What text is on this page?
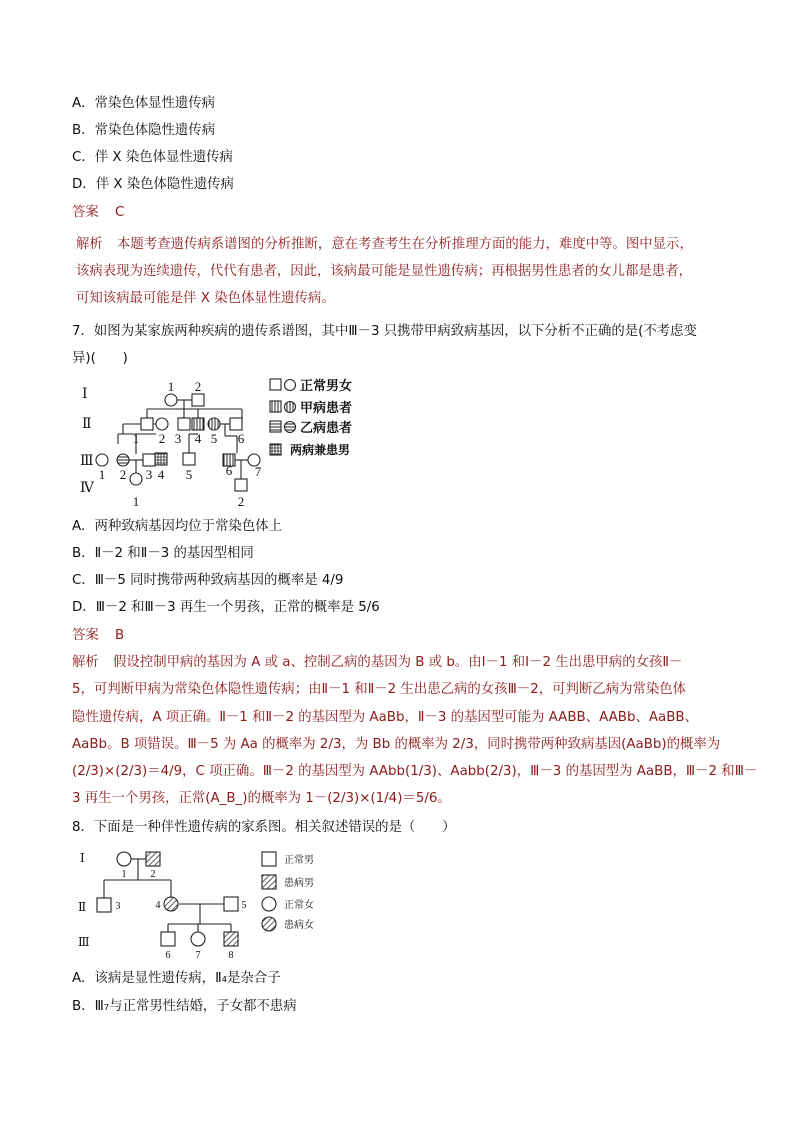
A．常染色体显性遗传病
B．常染色体隐性遗传病
C．伴 X 染色体显性遗传病
D．伴 X 染色体隐性遗传病
答案 C
解析 本题考查遗传病系谱图的分析推断，意在考查考生在分析推理方面的能力，难度中等。图中显示，
该病表现为连续遗传，代代有患者，因此，该病最可能是显性遗传病；再根据男性患者的女儿都是患者，
可知该病最可能是伴 X 染色体显性遗传病。
7．如图为某家族两种疾病的遗传系谱图，其中Ⅲ－3 只携带甲病致病基因，以下分析不正确的是(不考虑变
异)(　　)
Ⅰ
Ⅱ
Ⅲ
Ⅳ
1 2
1 2 3 4 5 6
1 2 3 4 5	6 7
1	2
正常男女
甲病患者
乙病患者
两病兼患男
A．两种致病基因均位于常染色体上
B．Ⅱ－2 和Ⅱ－3 的基因型相同
C．Ⅲ－5 同时携带两种致病基因的概率是 4/9
D．Ⅲ－2 和Ⅲ－3 再生一个男孩，正常的概率是 5/6
答案 B
解析 假设控制甲病的基因为 A 或 a、控制乙病的基因为 B 或 b。由Ⅰ－1 和Ⅰ－2 生出患甲病的女孩Ⅱ－
5，可判断甲病为常染色体隐性遗传病；由Ⅱ－1 和Ⅱ－2 生出患乙病的女孩Ⅲ－2，可判断乙病为常染色体
隐性遗传病，A 项正确。Ⅱ－1 和Ⅱ－2 的基因型为 AaBb，Ⅱ－3 的基因型可能为 AABB、AABb、AaBB、
AaBb。B 项错误。Ⅲ－5 为 Aa 的概率为 2/3，为 Bb 的概率为 2/3，同时携带两种致病基因(AaBb)的概率为
(2/3)×(2/3)＝4/9，C 项正确。Ⅲ－2 的基因型为 AAbb(1/3)、Aabb(2/3)，Ⅲ－3 的基因型为 AaBB，Ⅲ－2 和Ⅲ－
3 再生一个男孩，正常(A_B_)的概率为 1－(2/3)×(1/4)＝5/6。
8．下面是一种伴性遗传病的家系图。相关叙述错误的是（　　）
Ⅰ
Ⅱ
Ⅲ
1 2
3	4	5
6	7	8
正常男
患病男
正常女
患病女
A．该病是显性遗传病，Ⅱ₄是杂合子
B．Ⅲ₇与正常男性结婚，子女都不患病
